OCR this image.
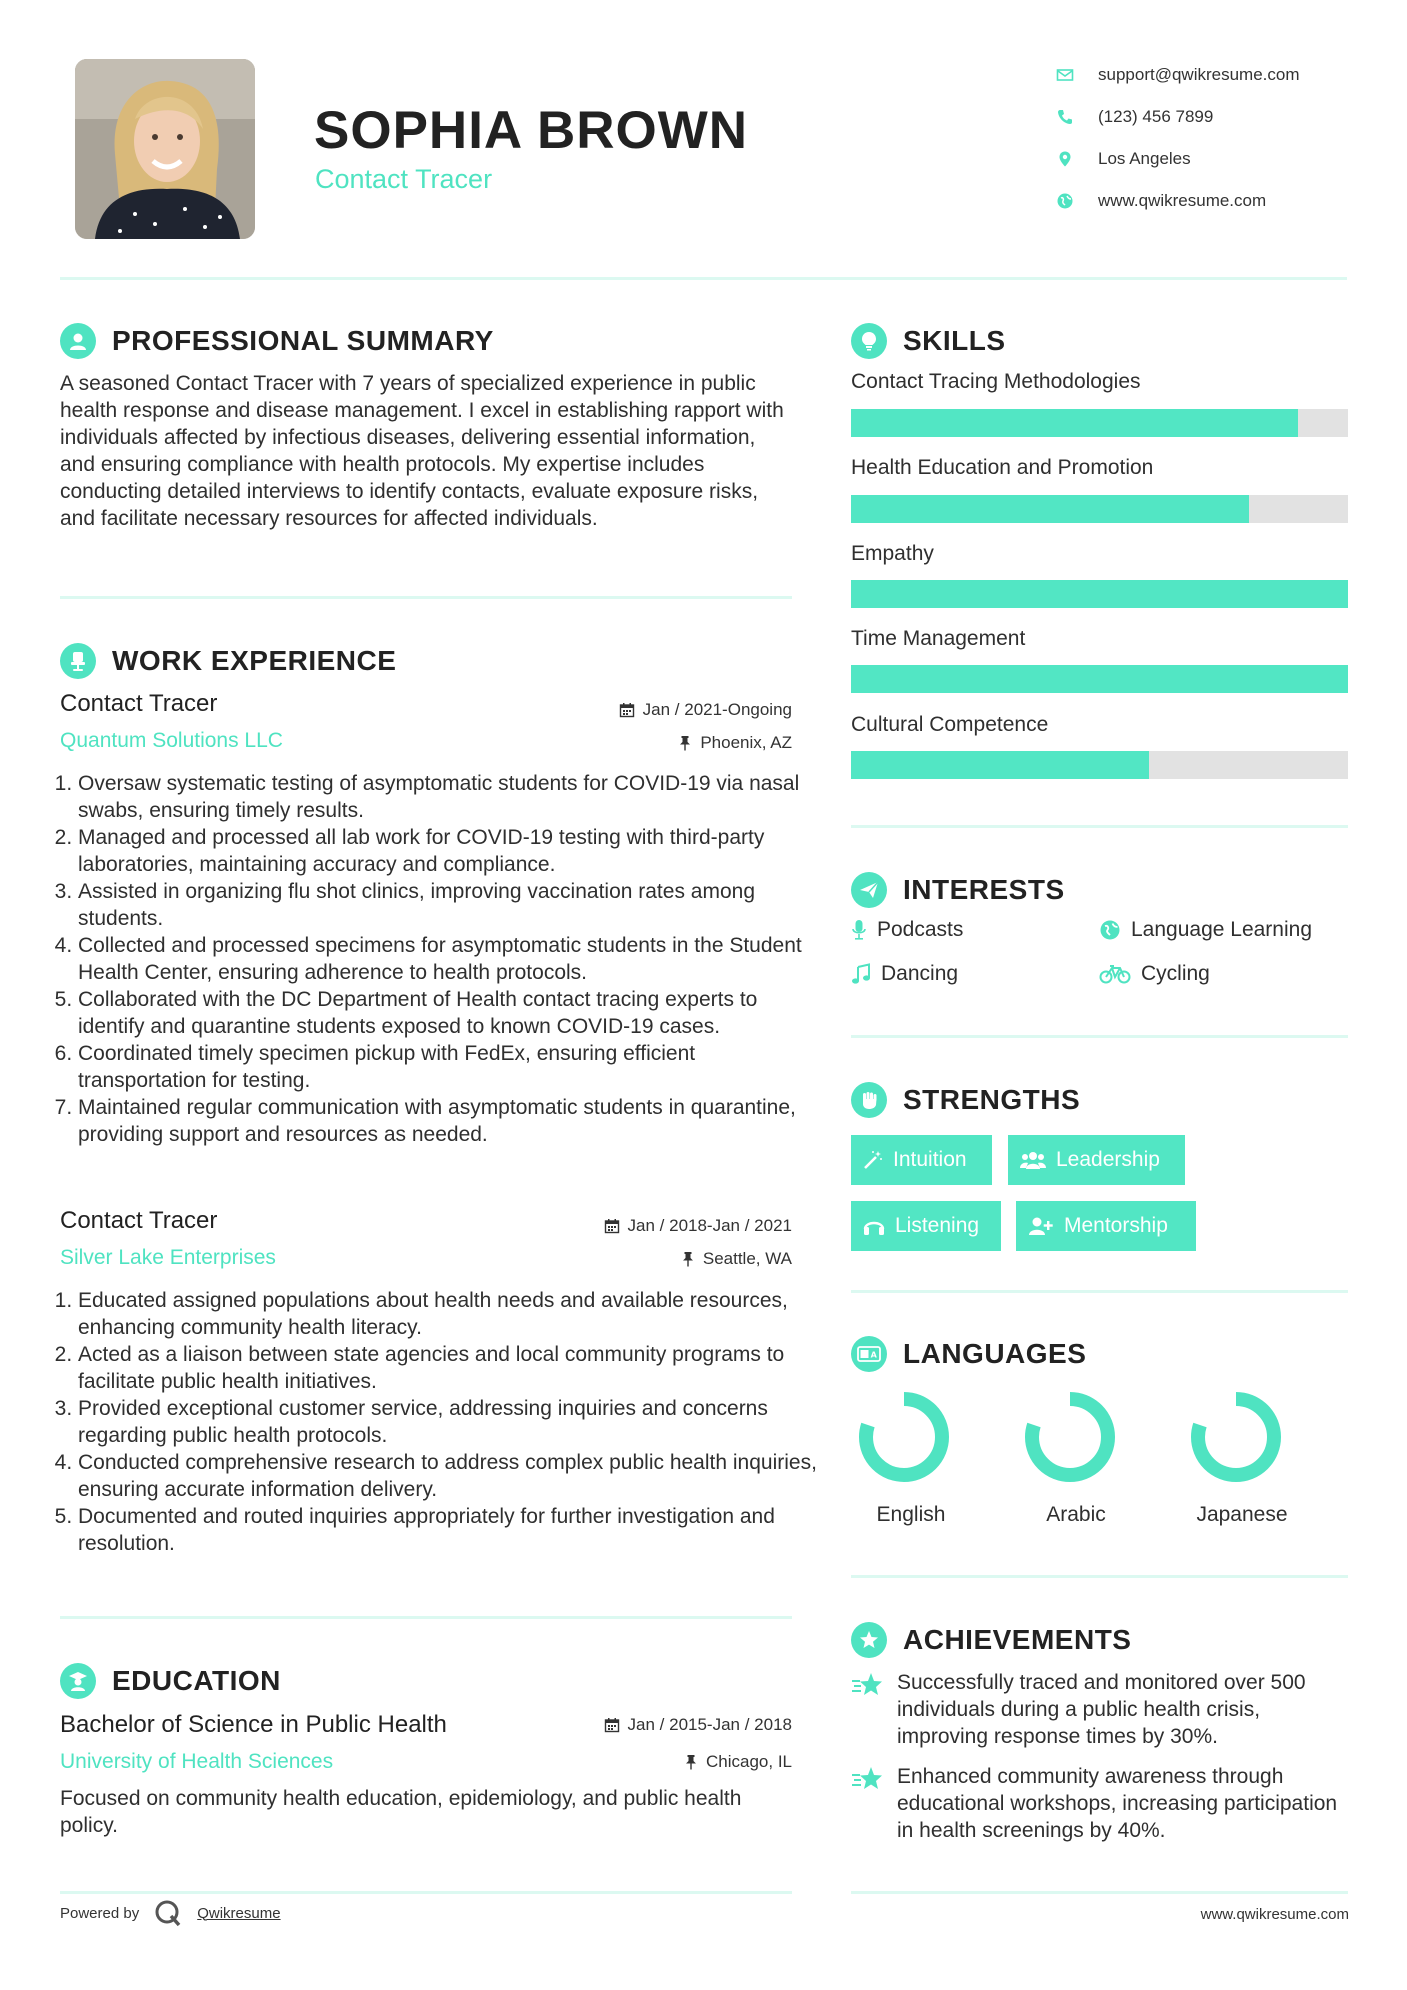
SOPHIA BROWN
Contact Tracer
support@qwikresume.com
(123) 456 7899
Los Angeles
www.qwikresume.com
PROFESSIONAL SUMMARY

A seasoned Contact Tracer with 7 years of specialized experience in public health response and disease management. I excel in establishing rapport with individuals affected by infectious diseases, delivering essential information, and ensuring compliance with health protocols. My expertise includes conducting detailed interviews to identify contacts, evaluate exposure risks, and facilitate necessary resources for affected individuals.

WORK EXPERIENCE
Contact Tracer
Quantum Solutions LLC
Jan / 2021-Ongoing
Phoenix, AZ
1. Oversaw systematic testing of asymptomatic students for COVID-19 via nasal swabs, ensuring timely results.
2. Managed and processed all lab work for COVID-19 testing with third-party laboratories, maintaining accuracy and compliance.
3. Assisted in organizing flu shot clinics, improving vaccination rates among students.
4. Collected and processed specimens for asymptomatic students in the Student Health Center, ensuring adherence to health protocols.
5. Collaborated with the DC Department of Health contact tracing experts to identify and quarantine students exposed to known COVID-19 cases.
6. Coordinated timely specimen pickup with FedEx, ensuring efficient transportation for testing.
7. Maintained regular communication with asymptomatic students in quarantine, providing support and resources as needed.
Contact Tracer
Silver Lake Enterprises
Jan / 2018-Jan / 2021
Seattle, WA
1. Educated assigned populations about health needs and available resources, enhancing community health literacy.
2. Acted as a liaison between state agencies and local community programs to facilitate public health initiatives.
3. Provided exceptional customer service, addressing inquiries and concerns regarding public health protocols.
4. Conducted comprehensive research to address complex public health inquiries, ensuring accurate information delivery.
5. Documented and routed inquiries appropriately for further investigation and resolution.
EDUCATION
Bachelor of Science in Public Health
University of Health Sciences
Jan / 2015-Jan / 2018
Chicago, IL

Focused on community health education, epidemiology, and public health policy.

SKILLS
Contact Tracing Methodologies
Health Education and Promotion
Empathy
Time Management
Cultural Competence
INTERESTS
Podcasts	Language Learning
Dancing	Cycling
STRENGTHS
Intuition	Leadership
Listening	Mentorship
A LANGUAGES
English	Arabic	Japanese
ACHIEVEMENTS
Successfully traced and monitored over 500 individuals during a public health crisis, improving response times by 30%.
Enhanced community awareness through educational workshops, increasing participation in health screenings by 40%.
Powered by	Qwikresume	www.qwikresume.com
